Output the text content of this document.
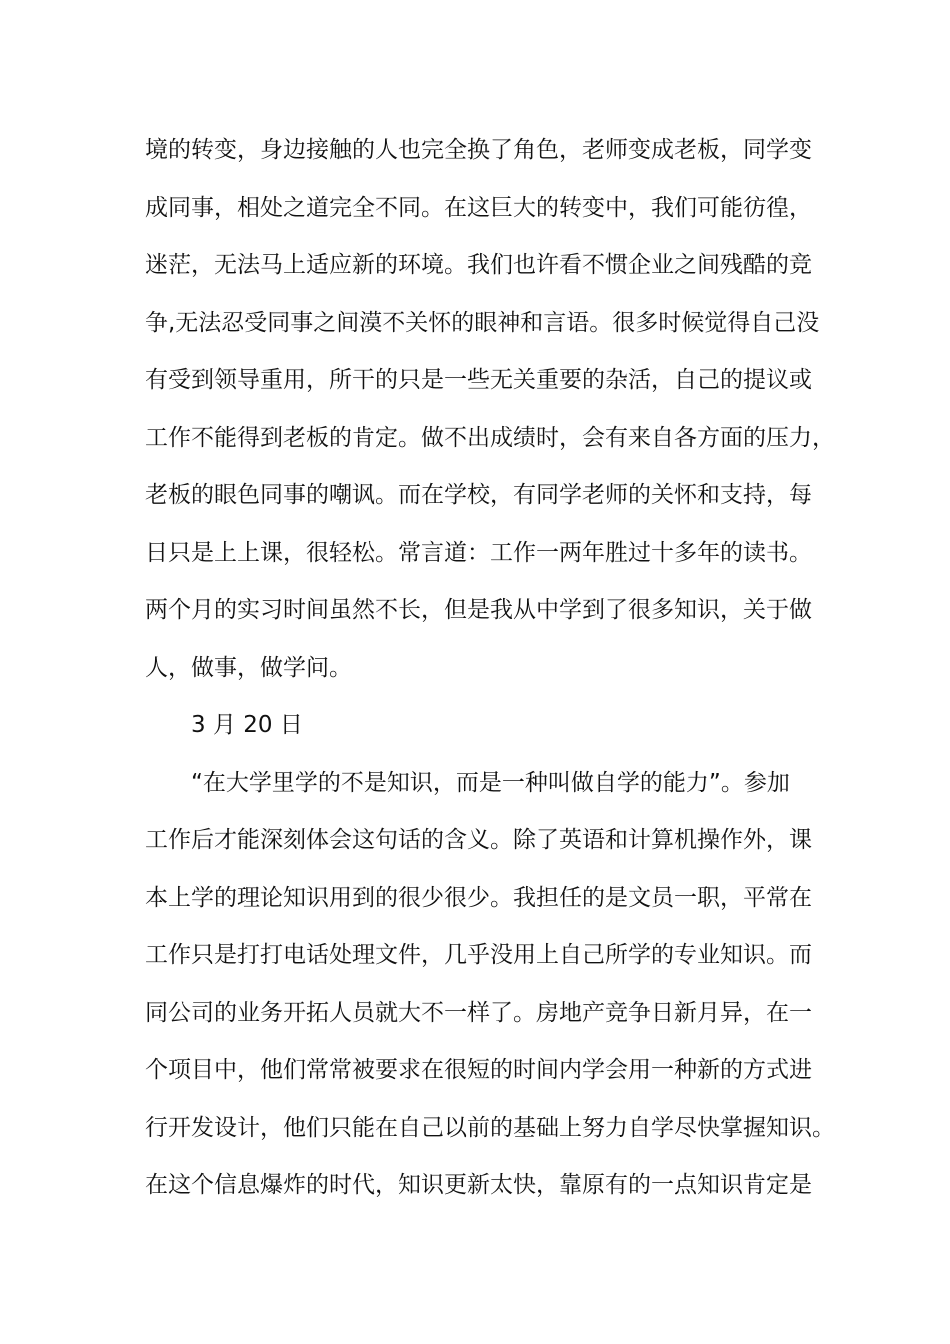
境的转变，身边接触的人也完全换了角色，老师变成老板，同学变
成同事，相处之道完全不同。在这巨大的转变中，我们可能彷徨，
迷茫，无法马上适应新的环境。我们也许看不惯企业之间残酷的竞
争,无法忍受同事之间漠不关怀的眼神和言语。很多时候觉得自己没
有受到领导重用，所干的只是一些无关重要的杂活，自己的提议或
工作不能得到老板的肯定。做不出成绩时，会有来自各方面的压力，
老板的眼色同事的嘲讽。而在学校，有同学老师的关怀和支持，每
日只是上上课，很轻松。常言道：工作一两年胜过十多年的读书。
两个月的实习时间虽然不长，但是我从中学到了很多知识，关于做
人，做事，做学问。
3 月 20 日
“在大学里学的不是知识，而是一种叫做自学的能力”。参加
工作后才能深刻体会这句话的含义。除了英语和计算机操作外，课
本上学的理论知识用到的很少很少。我担任的是文员一职，平常在
工作只是打打电话处理文件，几乎没用上自己所学的专业知识。而
同公司的业务开拓人员就大不一样了。房地产竞争日新月异，在一
个项目中，他们常常被要求在很短的时间内学会用一种新的方式进
行开发设计，他们只能在自己以前的基础上努力自学尽快掌握知识。
在这个信息爆炸的时代，知识更新太快，靠原有的一点知识肯定是
